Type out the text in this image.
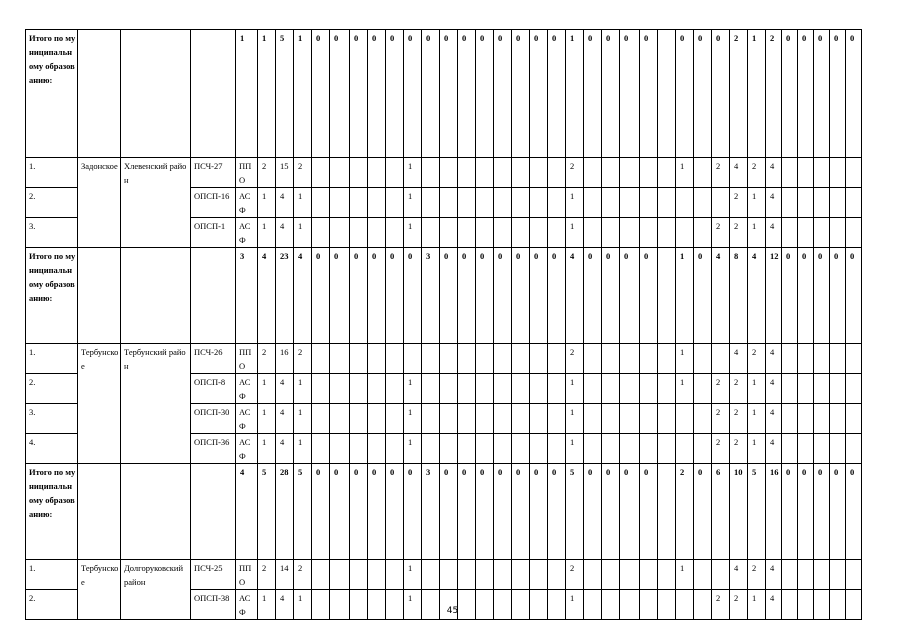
Итого по муниципальному образованию:				1	1	5	1	0	0	0	0	0	0	0	0	0	0	0	0	0	0	1	0	0	0	0		0	0	0	2	1	2	0	0	0	0	0
1.	Задонское	Хлевенский район	ПСЧ-27	ППО	2	15	2						1									2						1		2	4	2	4					
2.			ОПСП-16	АСФ	1	4	1						1									1									2	1	4					
3.			ОПСП-1	АСФ	1	4	1						1									1								2	2	1	4					
Итого по муниципальному образованию:				3	4	23	4	0	0	0	0	0	0	3	0	0	0	0	0	0	0	4	0	0	0	0		1	0	4	8	4	12	0	0	0	0	0
1.	Тербунское	Тербунский район	ПСЧ-26	ППО	2	16	2															2						1			4	2	4					
2.			ОПСП-8	АСФ	1	4	1						1									1						1		2	2	1	4					
3.			ОПСП-30	АСФ	1	4	1						1									1								2	2	1	4					
4.			ОПСП-36	АСФ	1	4	1						1									1								2	2	1	4					
Итого по муниципальному образованию:				4	5	28	5	0	0	0	0	0	0	3	0	0	0	0	0	0	0	5	0	0	0	0		2	0	6	10	5	16	0	0	0	0	0
1.	Тербунское	Долгоруковский район	ПСЧ-25	ППО	2	14	2						1									2						1			4	2	4					
2.			ОПСП-38	АСФ	1	4	1						1									1								2	2	1	4					
45
